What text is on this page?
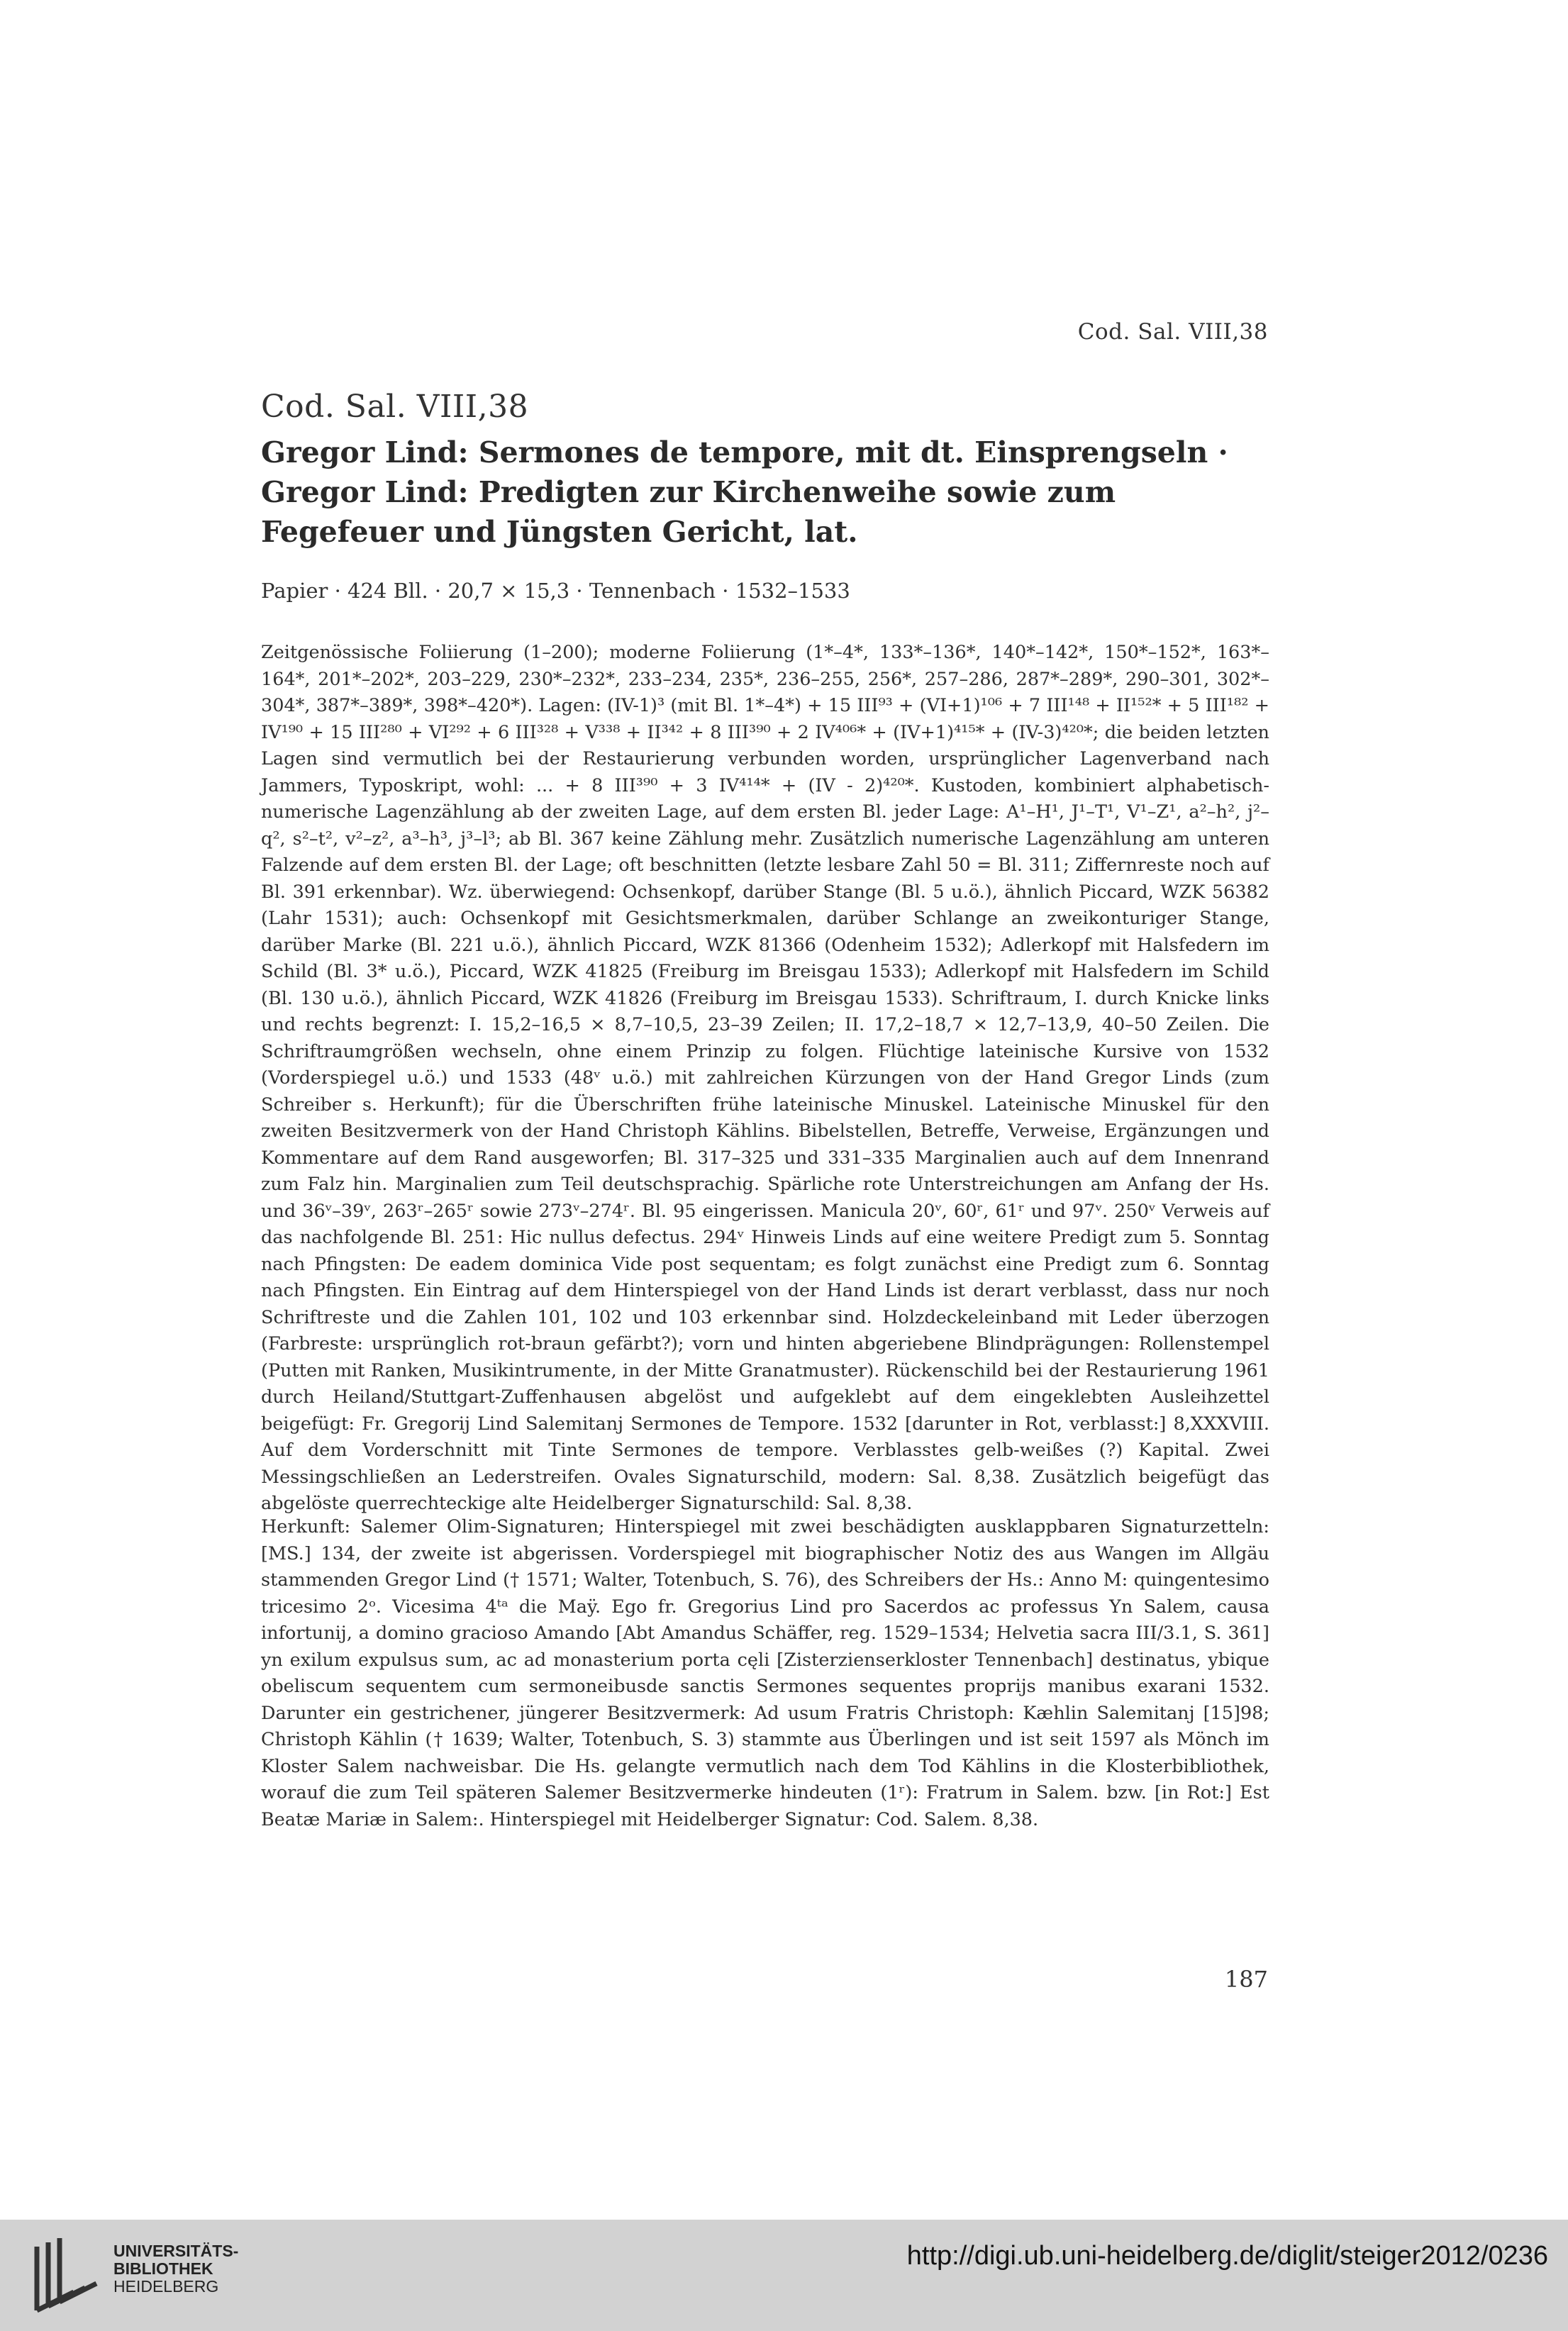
Cod. Sal. VIII,38
Cod. Sal. VIII,38
Gregor Lind: Sermones de tempore, mit dt. Einsprengseln · Gregor Lind: Predigten zur Kirchenweihe sowie zum Fegefeuer und Jüngsten Gericht, lat.
Papier · 424 Bll. · 20,7 × 15,3 · Tennenbach · 1532–1533

Zeitgenössische Foliierung (1–200); moderne Foliierung (1*–4*, 133*–136*, 140*–142*, 150*–152*, 163*–164*, 201*–202*, 203–229, 230*–232*, 233–234, 235*, 236–255, 256*, 257–286, 287*–289*, 290–301, 302*–304*, 387*–389*, 398*–420*). Lagen: (IV-1)³ (mit Bl. 1*–4*) + 15 III⁹³ + (VI+1)¹⁰⁶ + 7 III¹⁴⁸ + II¹⁵²* + 5 III¹⁸² + IV¹⁹⁰ + 15 III²⁸⁰ + VI²⁹² + 6 III³²⁸ + V³³⁸ + II³⁴² + 8 III³⁹⁰ + 2 IV⁴⁰⁶* + (IV+1)⁴¹⁵* + (IV-3)⁴²⁰*; die beiden letzten Lagen sind vermutlich bei der Restaurierung verbunden worden, ursprünglicher Lagenverband nach Jammers, Typoskript, wohl: ... + 8 III³⁹⁰ + 3 IV⁴¹⁴* + (IV - 2)⁴²⁰*. Kustoden, kombiniert alphabetisch-numerische Lagenzählung ab der zweiten Lage, auf dem ersten Bl. jeder Lage: A¹–H¹, J¹–T¹, V¹–Z¹, a²–h², j²–q², s²–t², v²–z², a³–h³, j³–l³; ab Bl. 367 keine Zählung mehr. Zusätzlich numerische Lagenzählung am unteren Falzende auf dem ersten Bl. der Lage; oft beschnitten (letzte lesbare Zahl 50 = Bl. 311; Ziffernreste noch auf Bl. 391 erkennbar). Wz. überwiegend: Ochsenkopf, darüber Stange (Bl. 5 u.ö.), ähnlich Piccard, WZK 56382 (Lahr 1531); auch: Ochsenkopf mit Gesichtsmerkmalen, darüber Schlange an zweikonturiger Stange, darüber Marke (Bl. 221 u.ö.), ähnlich Piccard, WZK 81366 (Odenheim 1532); Adlerkopf mit Halsfedern im Schild (Bl. 3* u.ö.), Piccard, WZK 41825 (Freiburg im Breisgau 1533); Adlerkopf mit Halsfedern im Schild (Bl. 130 u.ö.), ähnlich Piccard, WZK 41826 (Freiburg im Breisgau 1533). Schriftraum, I. durch Knicke links und rechts begrenzt: I. 15,2–16,5 × 8,7–10,5, 23–39 Zeilen; II. 17,2–18,7 × 12,7–13,9, 40–50 Zeilen. Die Schriftraumgrößen wechseln, ohne einem Prinzip zu folgen. Flüchtige lateinische Kursive von 1532 (Vorderspiegel u.ö.) und 1533 (48ᵛ u.ö.) mit zahlreichen Kürzungen von der Hand Gregor Linds (zum Schreiber s. Herkunft); für die Überschriften frühe lateinische Minuskel. Lateinische Minuskel für den zweiten Besitzvermerk von der Hand Christoph Kählins. Bibelstellen, Betreffe, Verweise, Ergänzungen und Kommentare auf dem Rand ausgeworfen; Bl. 317–325 und 331–335 Marginalien auch auf dem Innenrand zum Falz hin. Marginalien zum Teil deutschsprachig. Spärliche rote Unterstreichungen am Anfang der Hs. und 36ᵛ–39ᵛ, 263ʳ–265ʳ sowie 273ᵛ–274ʳ. Bl. 95 eingerissen. Manicula 20ᵛ, 60ʳ, 61ʳ und 97ᵛ. 250ᵛ Verweis auf das nachfolgende Bl. 251: Hic nullus defectus. 294ᵛ Hinweis Linds auf eine weitere Predigt zum 5. Sonntag nach Pfingsten: De eadem dominica Vide post sequentam; es folgt zunächst eine Predigt zum 6. Sonntag nach Pfingsten. Ein Eintrag auf dem Hinterspiegel von der Hand Linds ist derart verblasst, dass nur noch Schriftreste und die Zahlen 101, 102 und 103 erkennbar sind. Holzdeckeleinband mit Leder überzogen (Farbreste: ursprünglich rot-braun gefärbt?); vorn und hinten abgeriebene Blindprägungen: Rollenstempel (Putten mit Ranken, Musikintrumente, in der Mitte Granatmuster). Rückenschild bei der Restaurierung 1961 durch Heiland/Stuttgart-Zuffenhausen abgelöst und aufgeklebt auf dem eingeklebten Ausleihzettel beigefügt: Fr. Gregorij Lind Salemitanj Sermones de Tempore. 1532 [darunter in Rot, verblasst:] 8,XXXVIII. Auf dem Vorderschnitt mit Tinte Sermones de tempore. Verblasstes gelb-weißes (?) Kapital. Zwei Messingschließen an Lederstreifen. Ovales Signaturschild, modern: Sal. 8,38. Zusätzlich beigefügt das abgelöste querrechteckige alte Heidelberger Signaturschild: Sal. 8,38.

Herkunft: Salemer Olim-Signaturen; Hinterspiegel mit zwei beschädigten ausklappbaren Signaturzetteln: [MS.] 134, der zweite ist abgerissen. Vorderspiegel mit biographischer Notiz des aus Wangen im Allgäu stammenden Gregor Lind († 1571; Walter, Totenbuch, S. 76), des Schreibers der Hs.: Anno M: quingentesimo tricesimo 2ᵒ. Vicesima 4ᵗᵃ die Maÿ. Ego fr. Gregorius Lind pro Sacerdos ac professus Yn Salem, causa infortunij, a domino gracioso Amando [Abt Amandus Schäffer, reg. 1529–1534; Helvetia sacra III/3.1, S. 361] yn exilum expulsus sum, ac ad monasterium porta cęli [Zisterzienserkloster Tennenbach] destinatus, ybique obeliscum sequentem cum sermoneibusde sanctis Sermones sequentes proprijs manibus exarani 1532. Darunter ein gestrichener, jüngerer Besitzvermerk: Ad usum Fratris Christoph: Kæhlin Salemitanj [15]98; Christoph Kählin († 1639; Walter, Totenbuch, S. 3) stammte aus Überlingen und ist seit 1597 als Mönch im Kloster Salem nachweisbar. Die Hs. gelangte vermutlich nach dem Tod Kählins in die Klosterbibliothek, worauf die zum Teil späteren Salemer Besitzvermerke hindeuten (1ʳ): Fratrum in Salem. bzw. [in Rot:] Est Beatæ Mariæ in Salem:. Hinterspiegel mit Heidelberger Signatur: Cod. Salem. 8,38.

187
UNIVERSITÄTS-
BIBLIOTHEK
HEIDELBERG
http://digi.ub.uni-heidelberg.de/diglit/steiger2012/0236
